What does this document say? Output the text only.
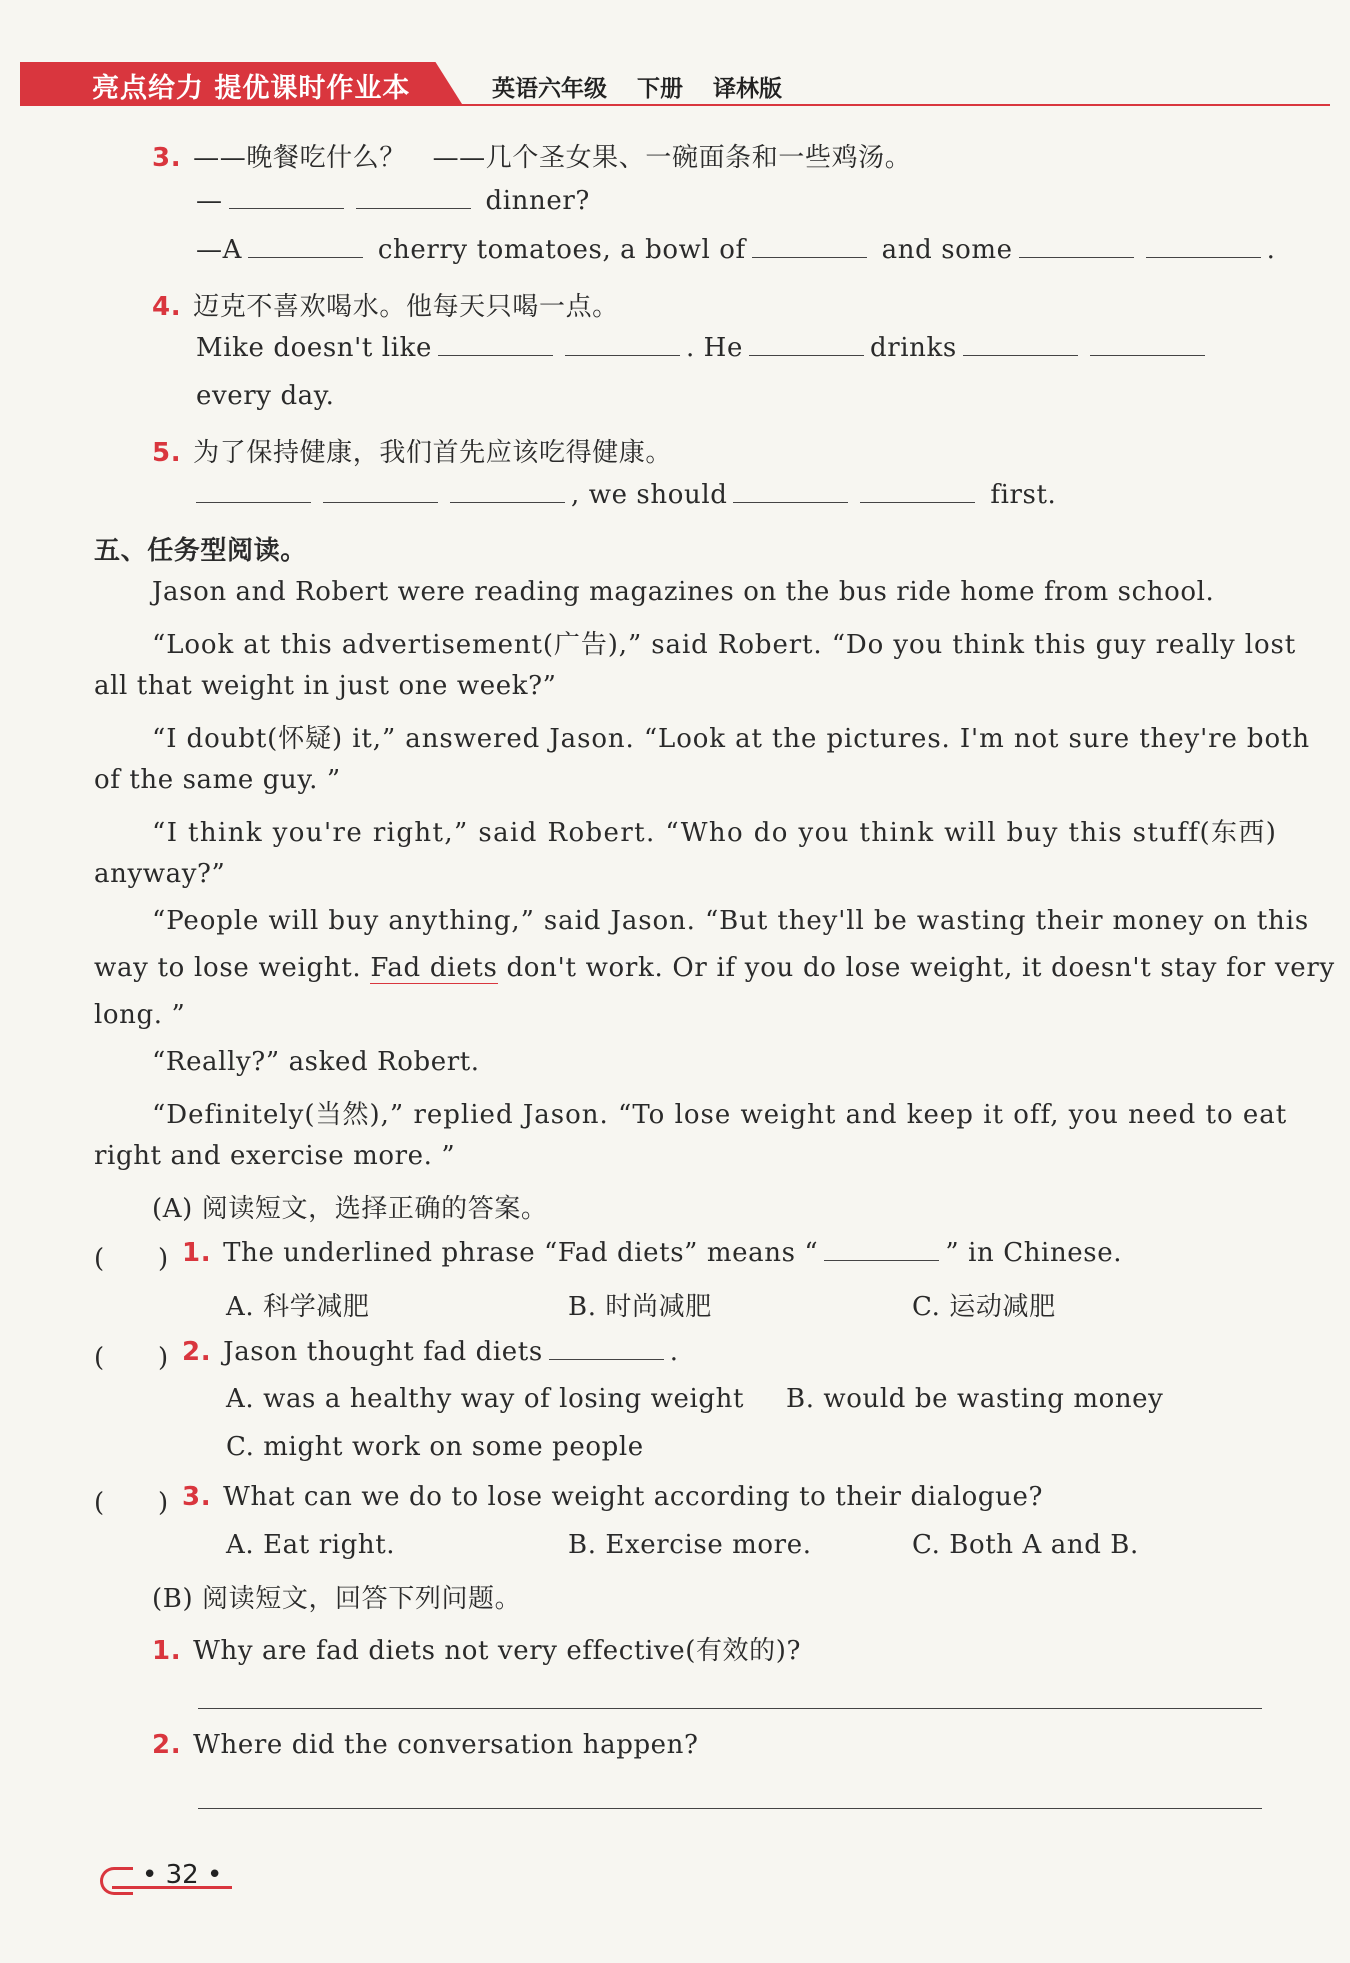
亮点给力 提优课时作业本	英语六年级 下册 译林版
3. ——晚餐吃什么？　——几个圣女果、一碗面条和一些鸡汤。
—	dinner?
—A	cherry tomatoes, a bowl of	and some	.
4. 迈克不喜欢喝水。他每天只喝一点。
Mike doesn't like	. He	drinks
every day.
5. 为了保持健康，我们首先应该吃得健康。
, we should	first.
五、任务型阅读。
Jason and Robert were reading magazines on the bus ride home from school.
“Look at this advertisement(广告),” said Robert. “Do you think this guy really lost
all that weight in just one week?”
“I doubt(怀疑) it,” answered Jason. “Look at the pictures. I'm not sure they're both
of the same guy. ”
“I think you're right,” said Robert. “Who do you think will buy this stuff(东西)
anyway?”
“People will buy anything,” said Jason. “But they'll be wasting their money on this
way to lose weight. Fad diets don't work. Or if you do lose weight, it doesn't stay for very
long. ”
“Really?” asked Robert.
“Definitely(当然),” replied Jason. “To lose weight and keep it off, you need to eat
right and exercise more. ”
(A) 阅读短文，选择正确的答案。
(　　) 1. The underlined phrase “Fad diets” means “	” in Chinese.
A. 科学减肥	B. 时尚减肥	C. 运动减肥
(　　) 2. Jason thought fad diets	.
A. was a healthy way of losing weight B. would be wasting money
C. might work on some people
(　　) 3. What can we do to lose weight according to their dialogue?
A. Eat right.	B. Exercise more.	C. Both A and B.
(B) 阅读短文，回答下列问题。
1. Why are fad diets not very effective(有效的)?
2. Where did the conversation happen?
• 32 •
